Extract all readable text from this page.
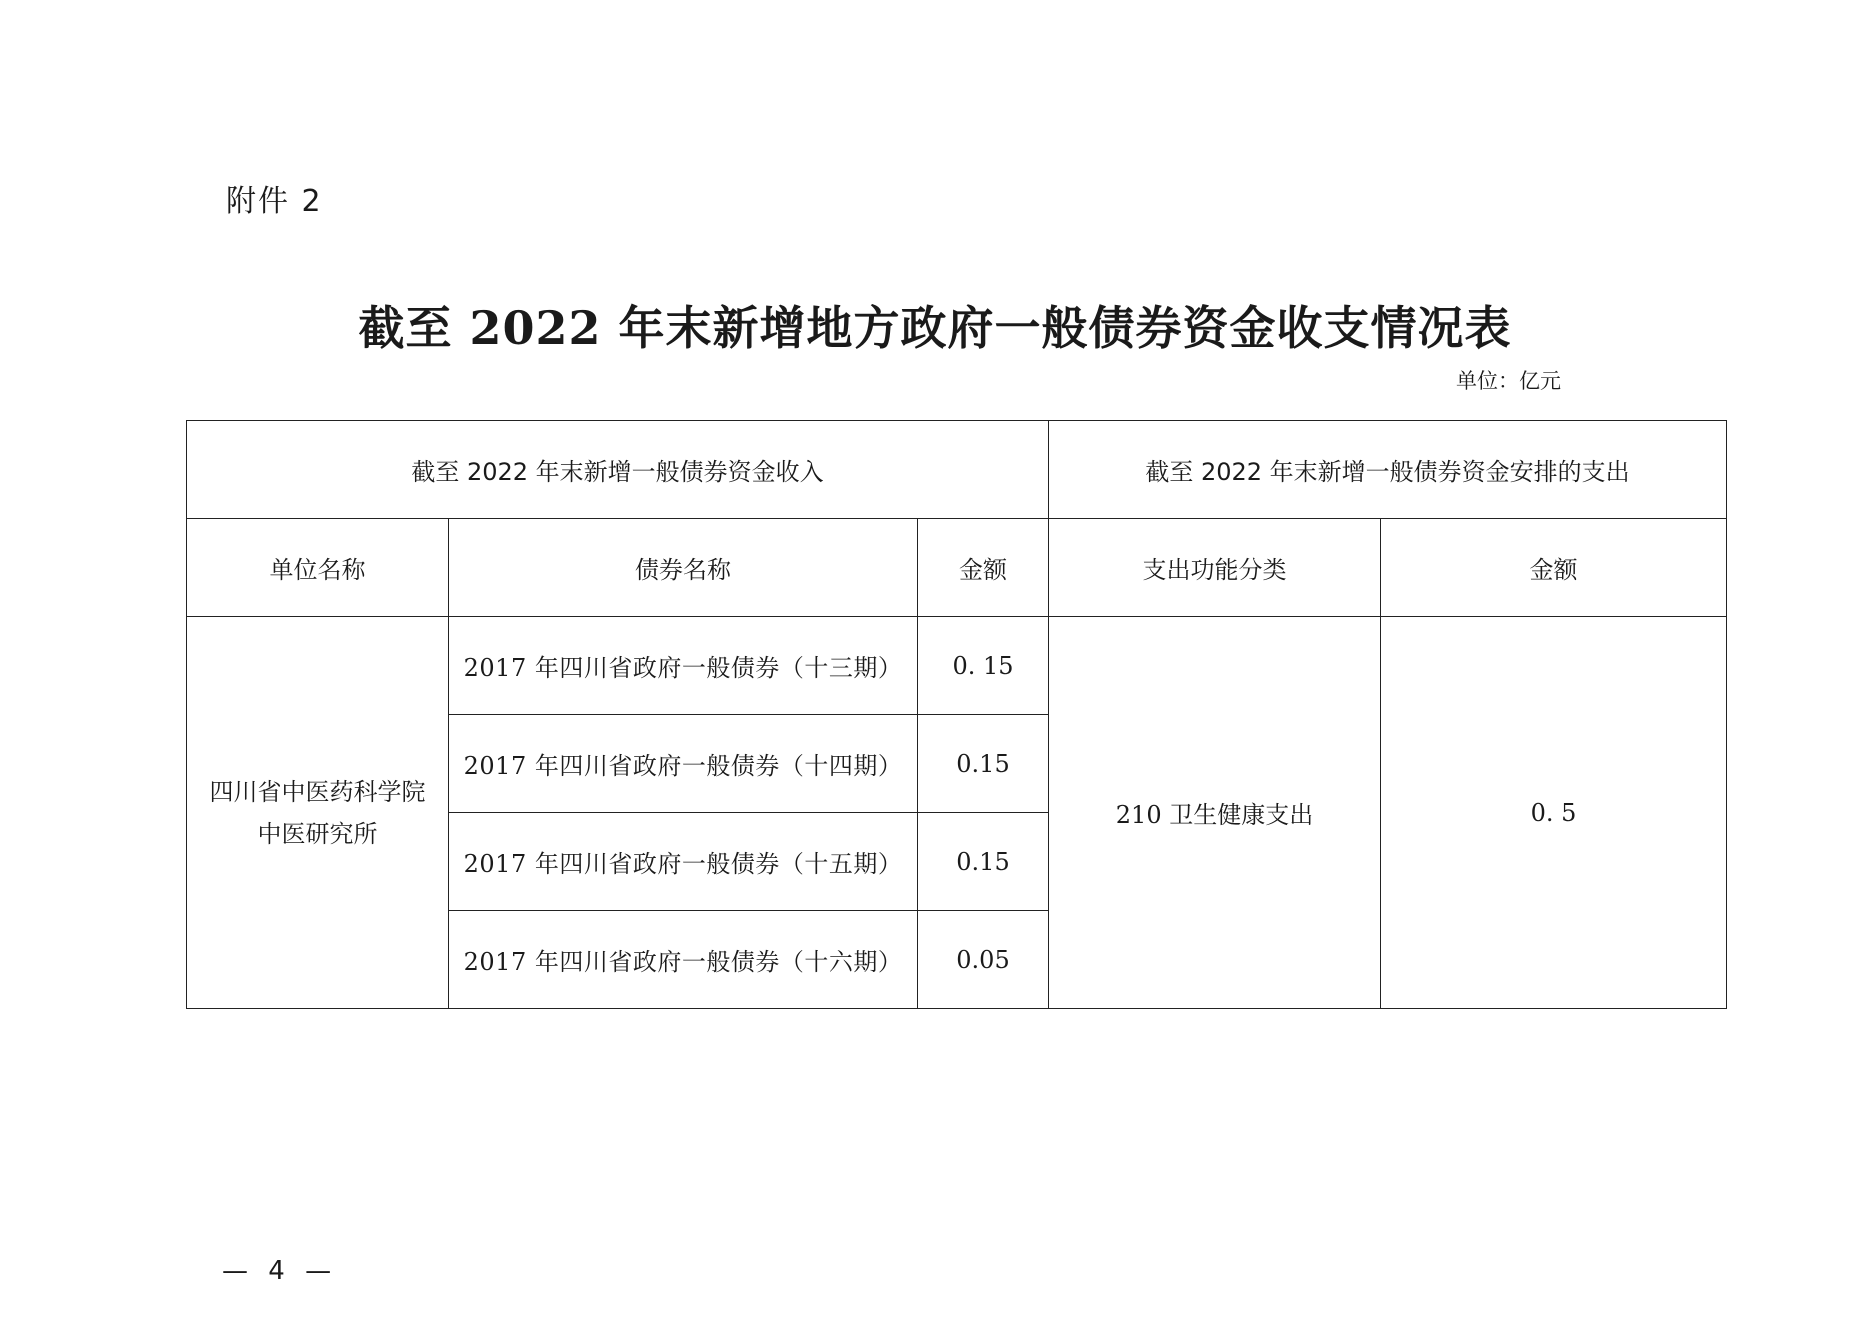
附件 2
截至 2022 年末新增地方政府一般债券资金收支情况表
单位：亿元
截至 2022 年末新增一般债券资金收入			截至 2022 年末新增一般债券资金安排的支出	
单位名称	债券名称	金额	支出功能分类	金额
四川省中医药科学院中医研究所	2017 年四川省政府一般债券（十三期）	0. 15	210 卫生健康支出	0. 5
	2017 年四川省政府一般债券（十四期）	0.15		
	2017 年四川省政府一般债券（十五期）	0.15		
	2017 年四川省政府一般债券（十六期）	0.05		
— 4 —
